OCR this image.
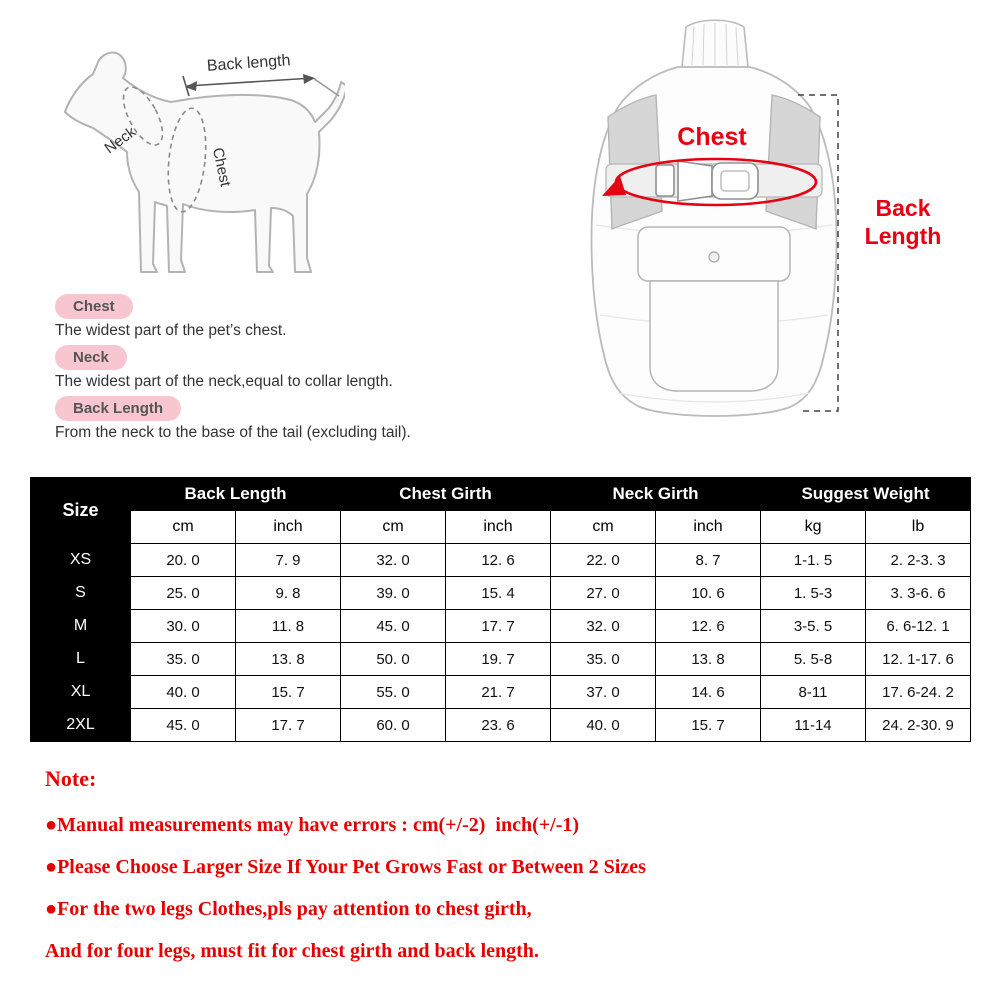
Back length
Neck
Chest
Chest
Back
Length
Chest
The widest part of the pet’s chest.
Neck
The widest part of the neck,equal to collar length.
Back Length
From the neck to the base of the tail (excluding tail).
Size	Back Length		Chest Girth		Neck Girth		Suggest Weight	
	cm	inch	cm	inch	cm	inch	kg	lb
XS	20. 0	7. 9	32. 0	12. 6	22. 0	8. 7	1-1. 5	2. 2-3. 3
S	25. 0	9. 8	39. 0	15. 4	27. 0	10. 6	1. 5-3	3. 3-6. 6
M	30. 0	11. 8	45. 0	17. 7	32. 0	12. 6	3-5. 5	6. 6-12. 1
L	35. 0	13. 8	50. 0	19. 7	35. 0	13. 8	5. 5-8	12. 1-17. 6
XL	40. 0	15. 7	55. 0	21. 7	37. 0	14. 6	8-11	17. 6-24. 2
2XL	45. 0	17. 7	60. 0	23. 6	40. 0	15. 7	11-14	24. 2-30. 9
Note:
●Manual measurements may have errors : cm(+/-2)  inch(+/-1)
●Please Choose Larger Size If Your Pet Grows Fast or Between 2 Sizes
●For the two legs Clothes,pls pay attention to chest girth,
And for four legs, must fit for chest girth and back length.
